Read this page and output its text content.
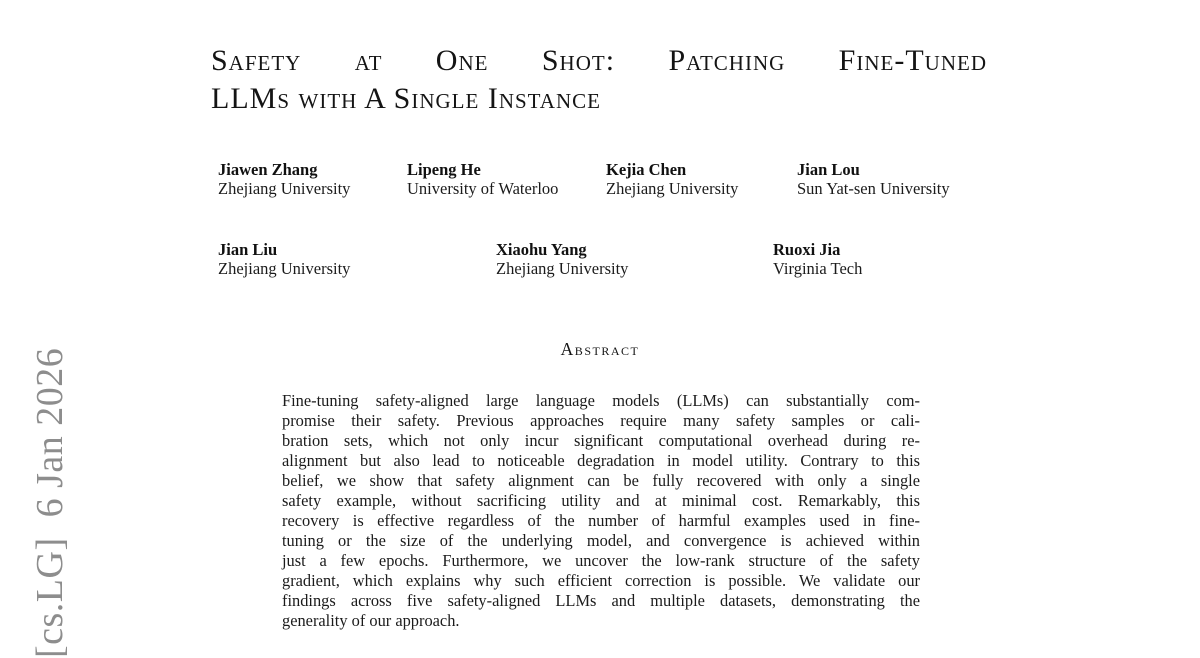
[cs.LG]  6 Jan 2026
Safety at One Shot: Patching Fine-Tuned
LLMs with A Single Instance
Jiawen Zhang
Zhejiang University
Lipeng He
University of Waterloo
Kejia Chen
Zhejiang University
Jian Lou
Sun Yat-sen University
Jian Liu
Zhejiang University
Xiaohu Yang
Zhejiang University
Ruoxi Jia
Virginia Tech
Abstract
Fine-tuning safety-aligned large language models (LLMs) can substantially com-
promise their safety. Previous approaches require many safety samples or cali-
bration sets, which not only incur significant computational overhead during re-
alignment but also lead to noticeable degradation in model utility. Contrary to this
belief, we show that safety alignment can be fully recovered with only a single
safety example, without sacrificing utility and at minimal cost. Remarkably, this
recovery is effective regardless of the number of harmful examples used in fine-
tuning or the size of the underlying model, and convergence is achieved within
just a few epochs. Furthermore, we uncover the low-rank structure of the safety
gradient, which explains why such efficient correction is possible. We validate our
findings across five safety-aligned LLMs and multiple datasets, demonstrating the
generality of our approach.
